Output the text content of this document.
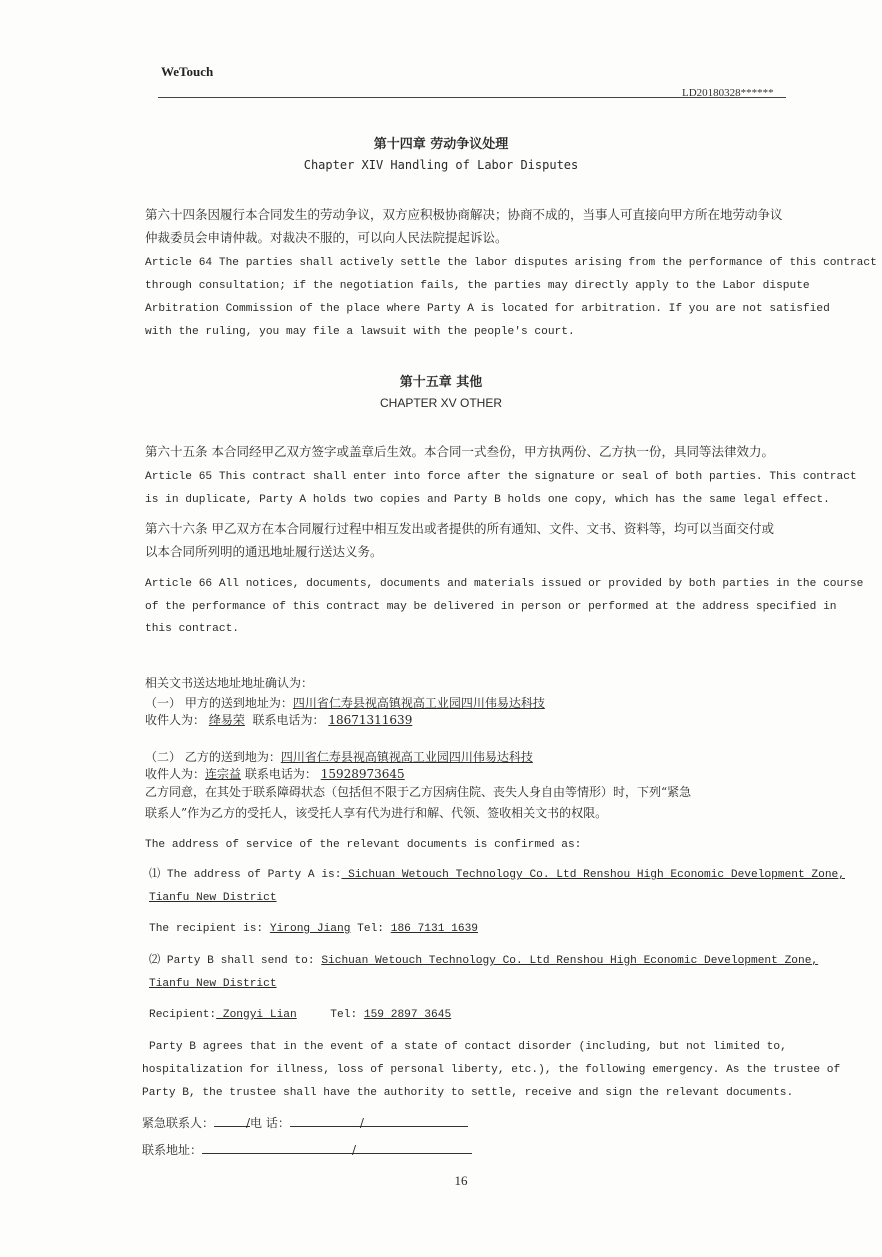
WeTouch
LD20180328******
第十四章 劳动争议处理
Chapter XIV Handling of Labor Disputes
第六十四条因履行本合同发生的劳动争议，双方应积极协商解决；协商不成的，当事人可直接向甲方所在地劳动争议
仲裁委员会申请仲裁。对裁决不服的，可以向人民法院提起诉讼。
Article 64 The parties shall actively settle the labor disputes arising from the performance of this contract
through consultation; if the negotiation fails, the parties may directly apply to the Labor dispute
Arbitration Commission of the place where Party A is located for arbitration. If you are not satisfied
with the ruling, you may file a lawsuit with the people's court.
第十五章 其他
CHAPTER XV OTHER
第六十五条 本合同经甲乙双方签字或盖章后生效。本合同一式叁份，甲方执两份、乙方执一份，具同等法律效力。
Article 65 This contract shall enter into force after the signature or seal of both parties. This contract
is in duplicate, Party A holds two copies and Party B holds one copy, which has the same legal effect.
第六十六条 甲乙双方在本合同履行过程中相互发出或者提供的所有通知、文件、文书、资料等，均可以当面交付或
以本合同所列明的通迅地址履行送达义务。
Article 66 All notices, documents, documents and materials issued or provided by both parties in the course
of the performance of this contract may be delivered in person or performed at the address specified in
this contract.
相关文书送达地址地址确认为：
（一） 甲方的送到地址为：四川省仁寿县视高镇视高工业园四川伟易达科技
收件人为： 绛易荣 联系电话为： 18671311639
（二） 乙方的送到地为：四川省仁寿县视高镇视高工业园四川伟易达科技
收件人为：连宗益 联系电话为： 15928973645
乙方同意，在其处于联系障碍状态（包括但不限于乙方因病住院、丧失人身自由等情形）时，下列“紧急
联系人”作为乙方的受托人，该受托人享有代为进行和解、代领、签收相关文书的权限。
The address of service of the relevant documents is confirmed as:
⑴ The address of Party A is: Sichuan Wetouch Technology Co. Ltd Renshou High Economic Development Zone,
Tianfu New District
The recipient is: Yirong Jiang Tel: 186 7131 1639
⑵ Party B shall send to: Sichuan Wetouch Technology Co. Ltd Renshou High Economic Development Zone,
Tianfu New District
Recipient: Zongyi Lian	Tel: 159 2897 3645
Party B agrees that in the event of a state of contact disorder (including, but not limited to,
hospitalization for illness, loss of personal liberty, etc.), the following emergency. As the trustee of
Party B, the trustee shall have the authority to settle, receive and sign the relevant documents.
紧急联系人：	/电 话：	/
联系地址：	/
16
